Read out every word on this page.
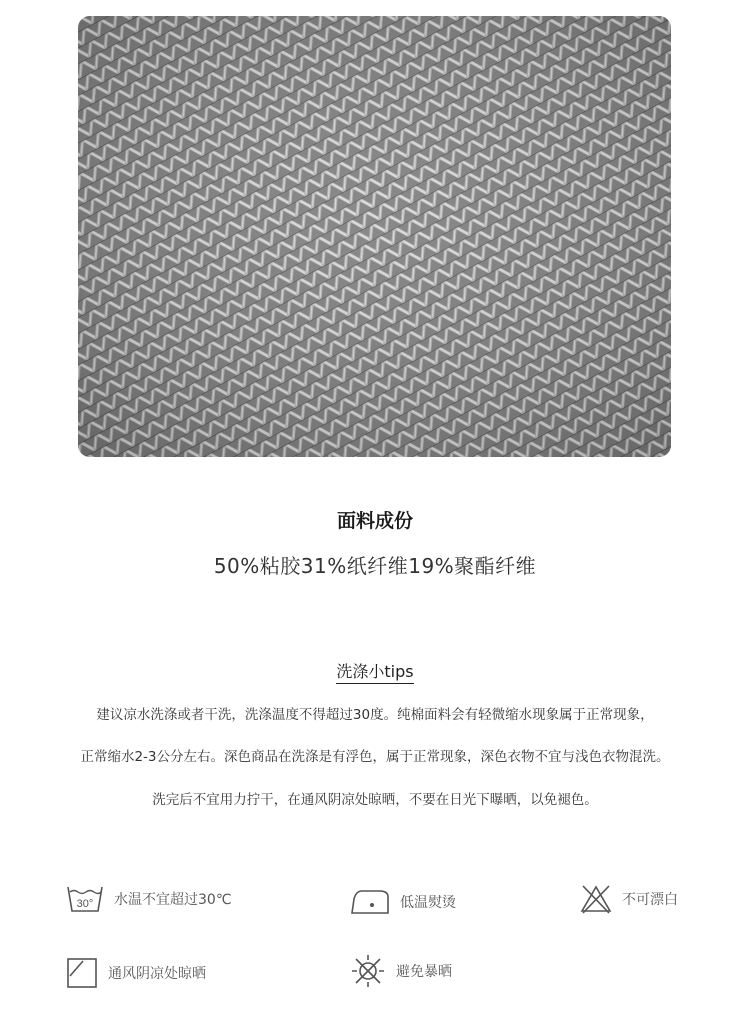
面料成份
50%粘胶31%纸纤维19%聚酯纤维
洗涤小tips
建议凉水洗涤或者干洗，洗涤温度不得超过30度。纯棉面料会有轻微缩水现象属于正常现象，
正常缩水2-3公分左右。深色商品在洗涤是有浮色，属于正常现象，深色衣物不宜与浅色衣物混洗。
洗完后不宜用力拧干，在通风阴凉处晾晒，不要在日光下曝晒，以免褪色。
30° 水温不宜超过30℃	低温熨烫	不可漂白
通风阴凉处晾晒	避免暴晒
